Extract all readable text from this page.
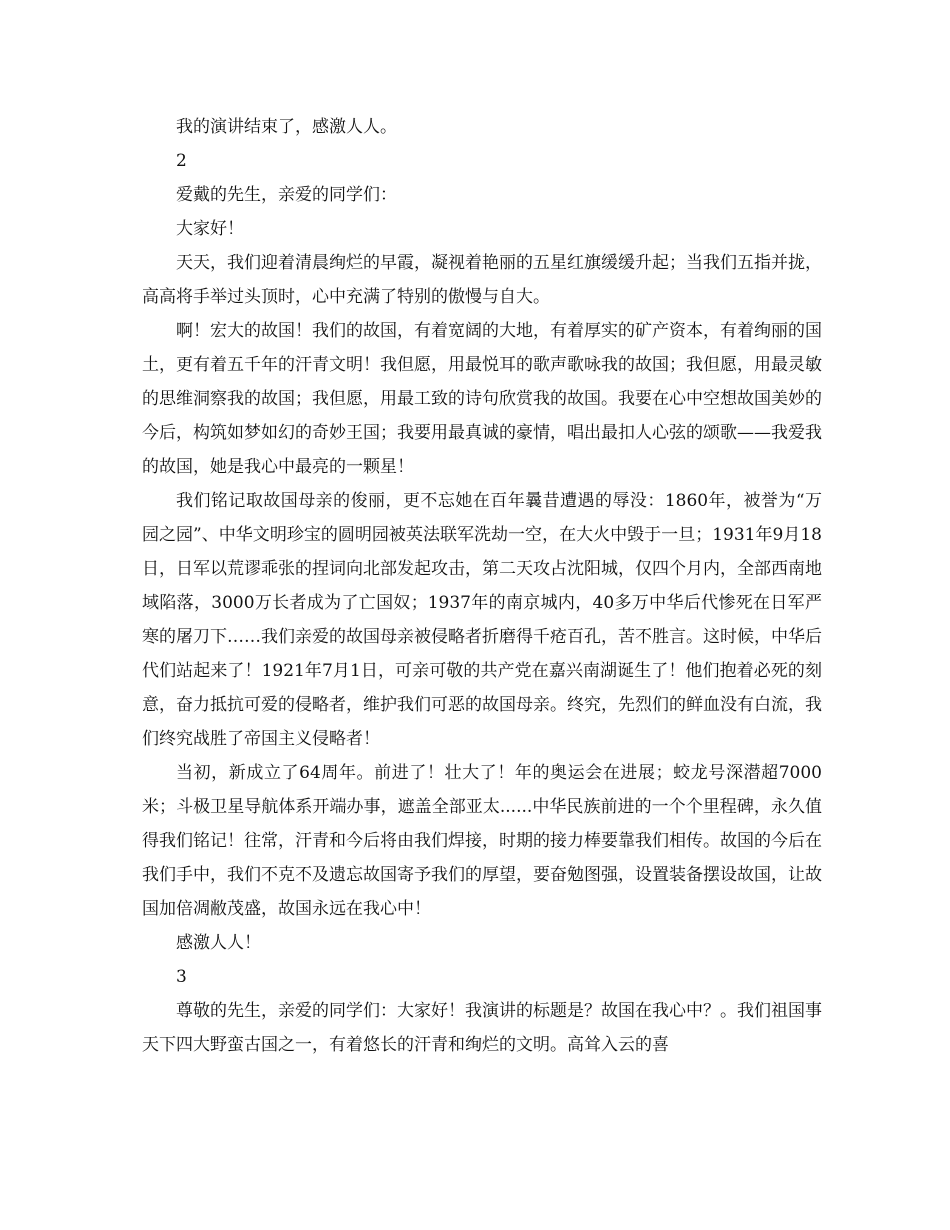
我的演讲结束了，感激人人。

2

爱戴的先生，亲爱的同学们：

大家好！

天天，我们迎着清晨绚烂的早霞，凝视着艳丽的五星红旗缓缓升起；当我们五指并拢，高高将手举过头顶时，心中充满了特别的傲慢与自大。

啊！宏大的故国！我们的故国，有着宽阔的大地，有着厚实的矿产资本，有着绚丽的国土，更有着五千年的汗青文明！我但愿，用最悦耳的歌声歌咏我的故国；我但愿，用最灵敏的思维洞察我的故国；我但愿，用最工致的诗句欣赏我的故国。我要在心中空想故国美妙的今后，构筑如梦如幻的奇妙王国；我要用最真诚的豪情，唱出最扣人心弦的颂歌——我爱我的故国，她是我心中最亮的一颗星！

我们铭记取故国母亲的俊丽，更不忘她在百年曩昔遭遇的辱没：1860年，被誉为“万园之园”、中华文明珍宝的圆明园被英法联军洗劫一空，在大火中毁于一旦；1931年9月18日，日军以荒谬乖张的捏词向北部发起攻击，第二天攻占沈阳城，仅四个月内，全部西南地域陷落，3000万长者成为了亡国奴；1937年的南京城内，40多万中华后代惨死在日军严寒的屠刀下……我们亲爱的故国母亲被侵略者折磨得千疮百孔，苦不胜言。这时候，中华后代们站起来了！1921年7月1日，可亲可敬的共产党在嘉兴南湖诞生了！他们抱着必死的刻意，奋力抵抗可爱的侵略者，维护我们可恶的故国母亲。终究，先烈们的鲜血没有白流，我们终究战胜了帝国主义侵略者！

当初，新成立了64周年。前进了！壮大了！年的奥运会在进展；蛟龙号深潜超7000米；斗极卫星导航体系开端办事，遮盖全部亚太......中华民族前进的一个个里程碑，永久值得我们铭记！往常，汗青和今后将由我们焊接，时期的接力棒要靠我们相传。故国的今后在我们手中，我们不克不及遗忘故国寄予我们的厚望，要奋勉图强，设置装备摆设故国，让故国加倍凋敝茂盛，故国永远在我心中！

感激人人！

3

尊敬的先生，亲爱的同学们：大家好！我演讲的标题是？故国在我心中？。我们祖国事天下四大野蛮古国之一，有着悠长的汗青和绚烂的文明。高耸入云的喜
